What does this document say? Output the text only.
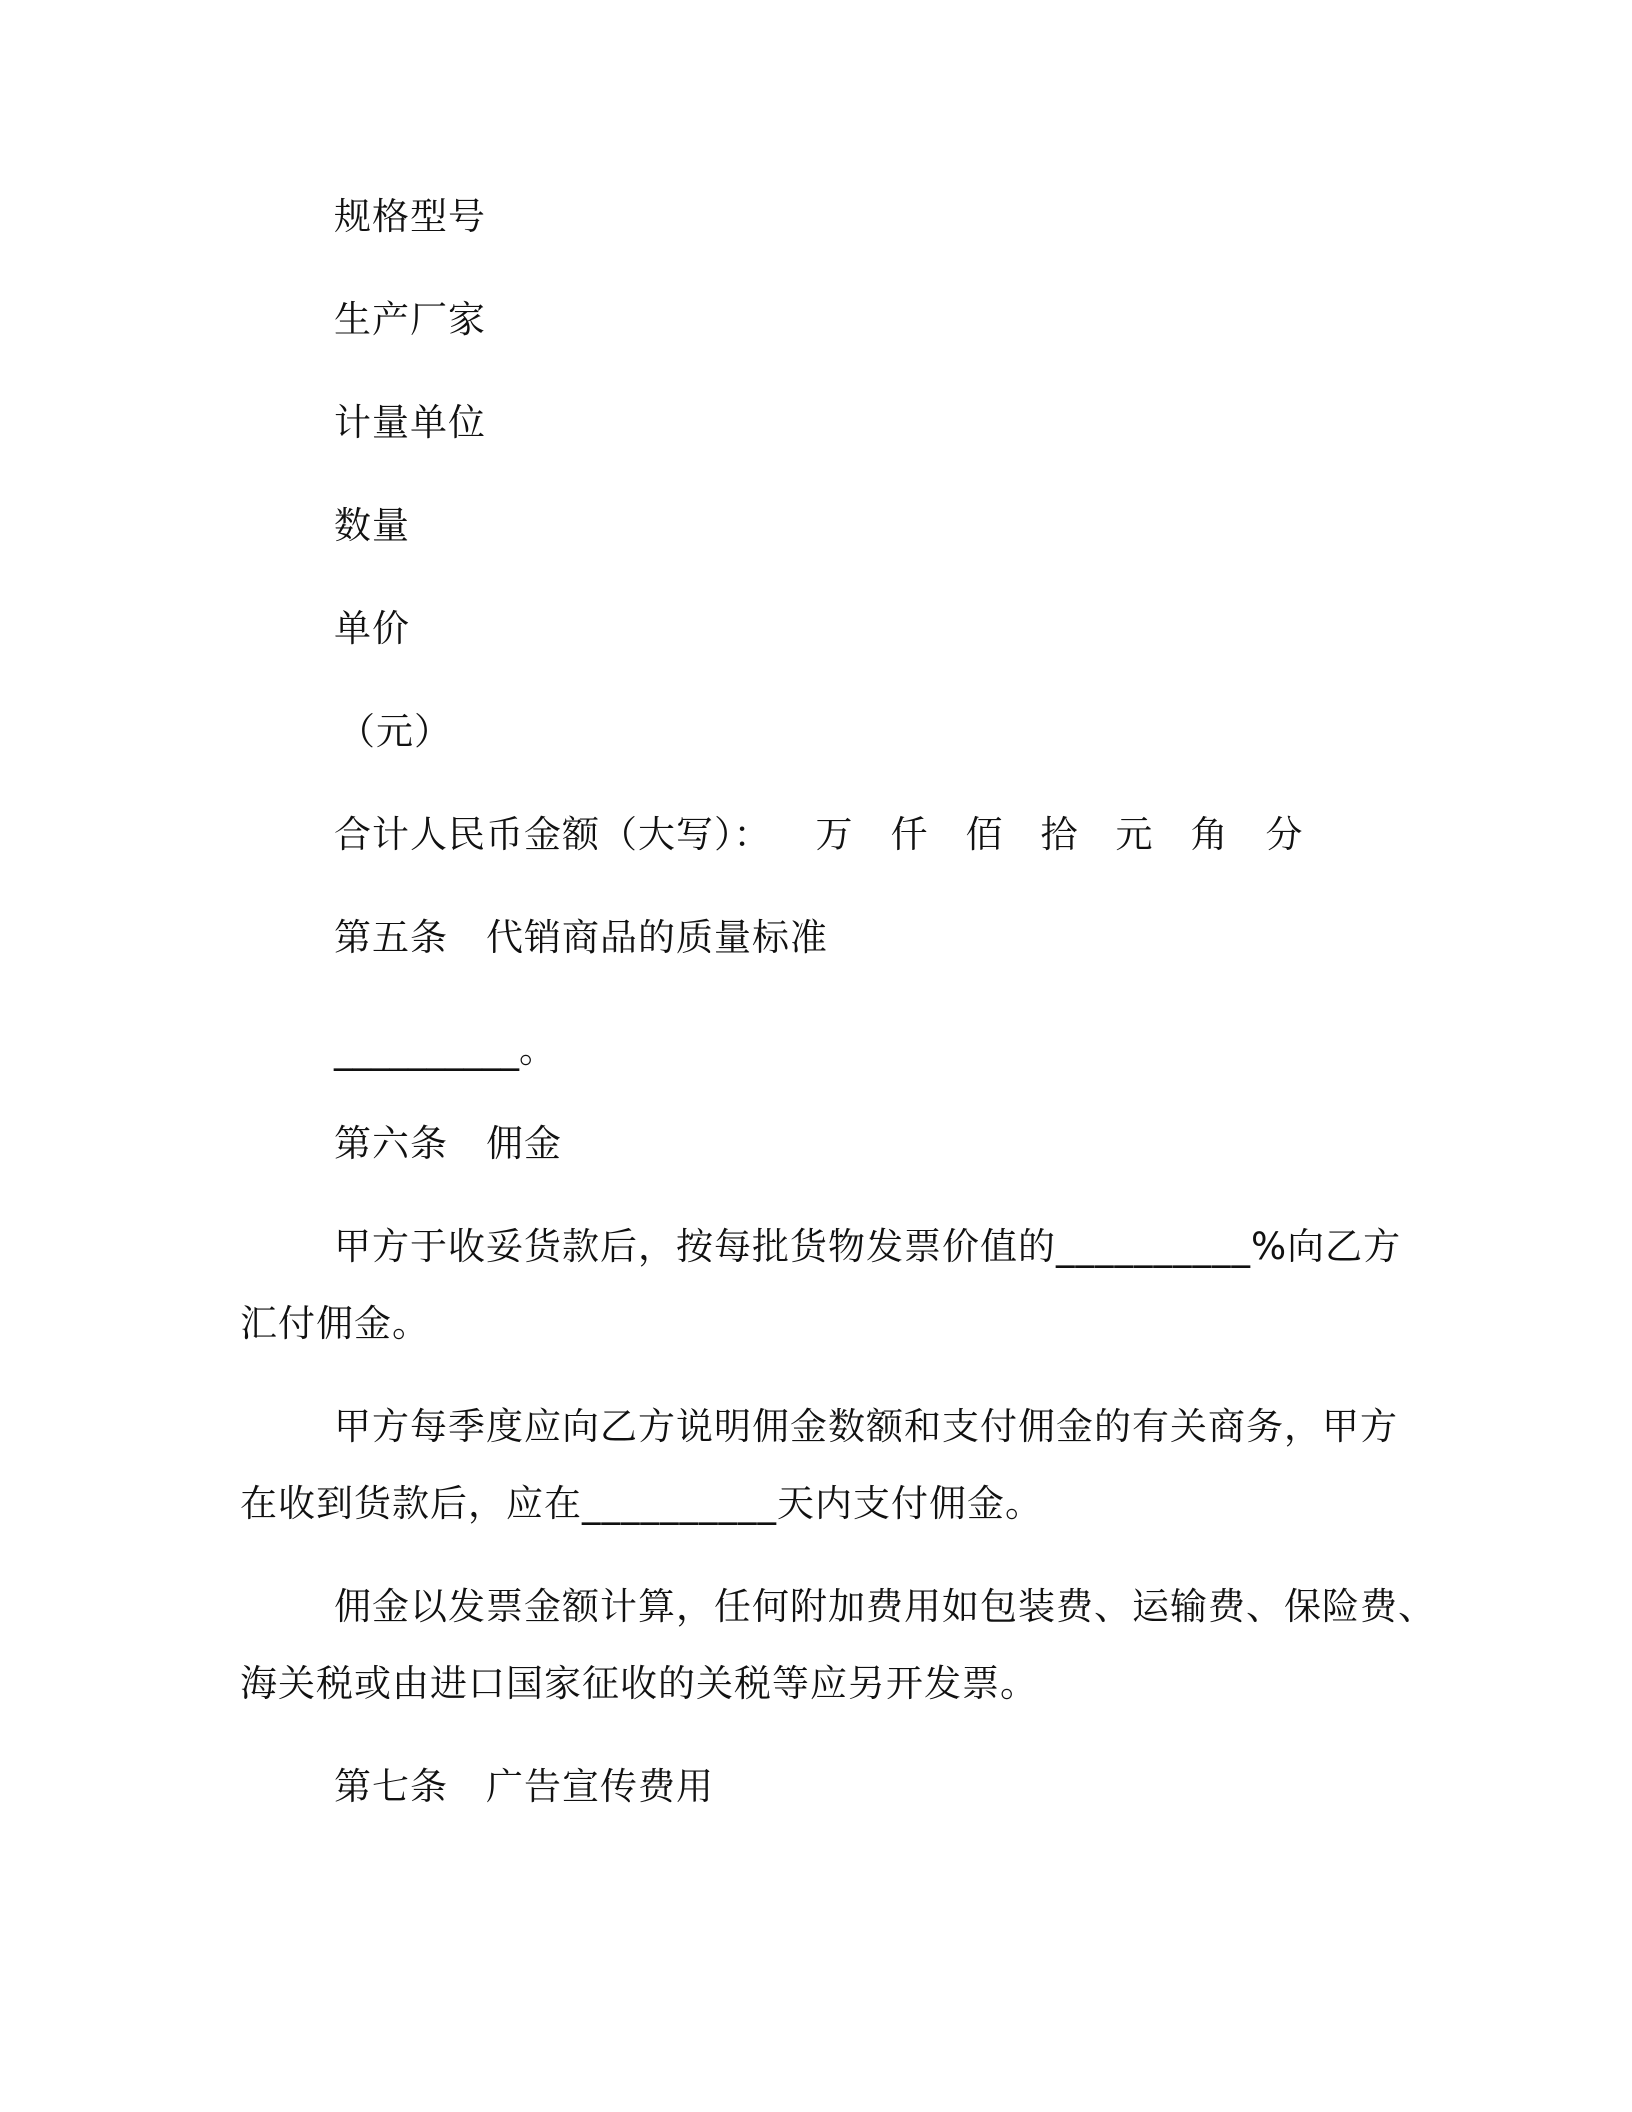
规格型号
生产厂家
计量单位
数量
单价
（元）
合计人民币金额（大写）： 万 仟 佰 拾 元 角 分
第五条　代销商品的质量标准
__________。
第六条　佣金
甲方于收妥货款后，按每批货物发票价值的__________%向乙方
汇付佣金。
甲方每季度应向乙方说明佣金数额和支付佣金的有关商务，甲方
在收到货款后，应在__________天内支付佣金。
佣金以发票金额计算，任何附加费用如包装费、运输费、保险费、
海关税或由进口国家征收的关税等应另开发票。
第七条　广告宣传费用
